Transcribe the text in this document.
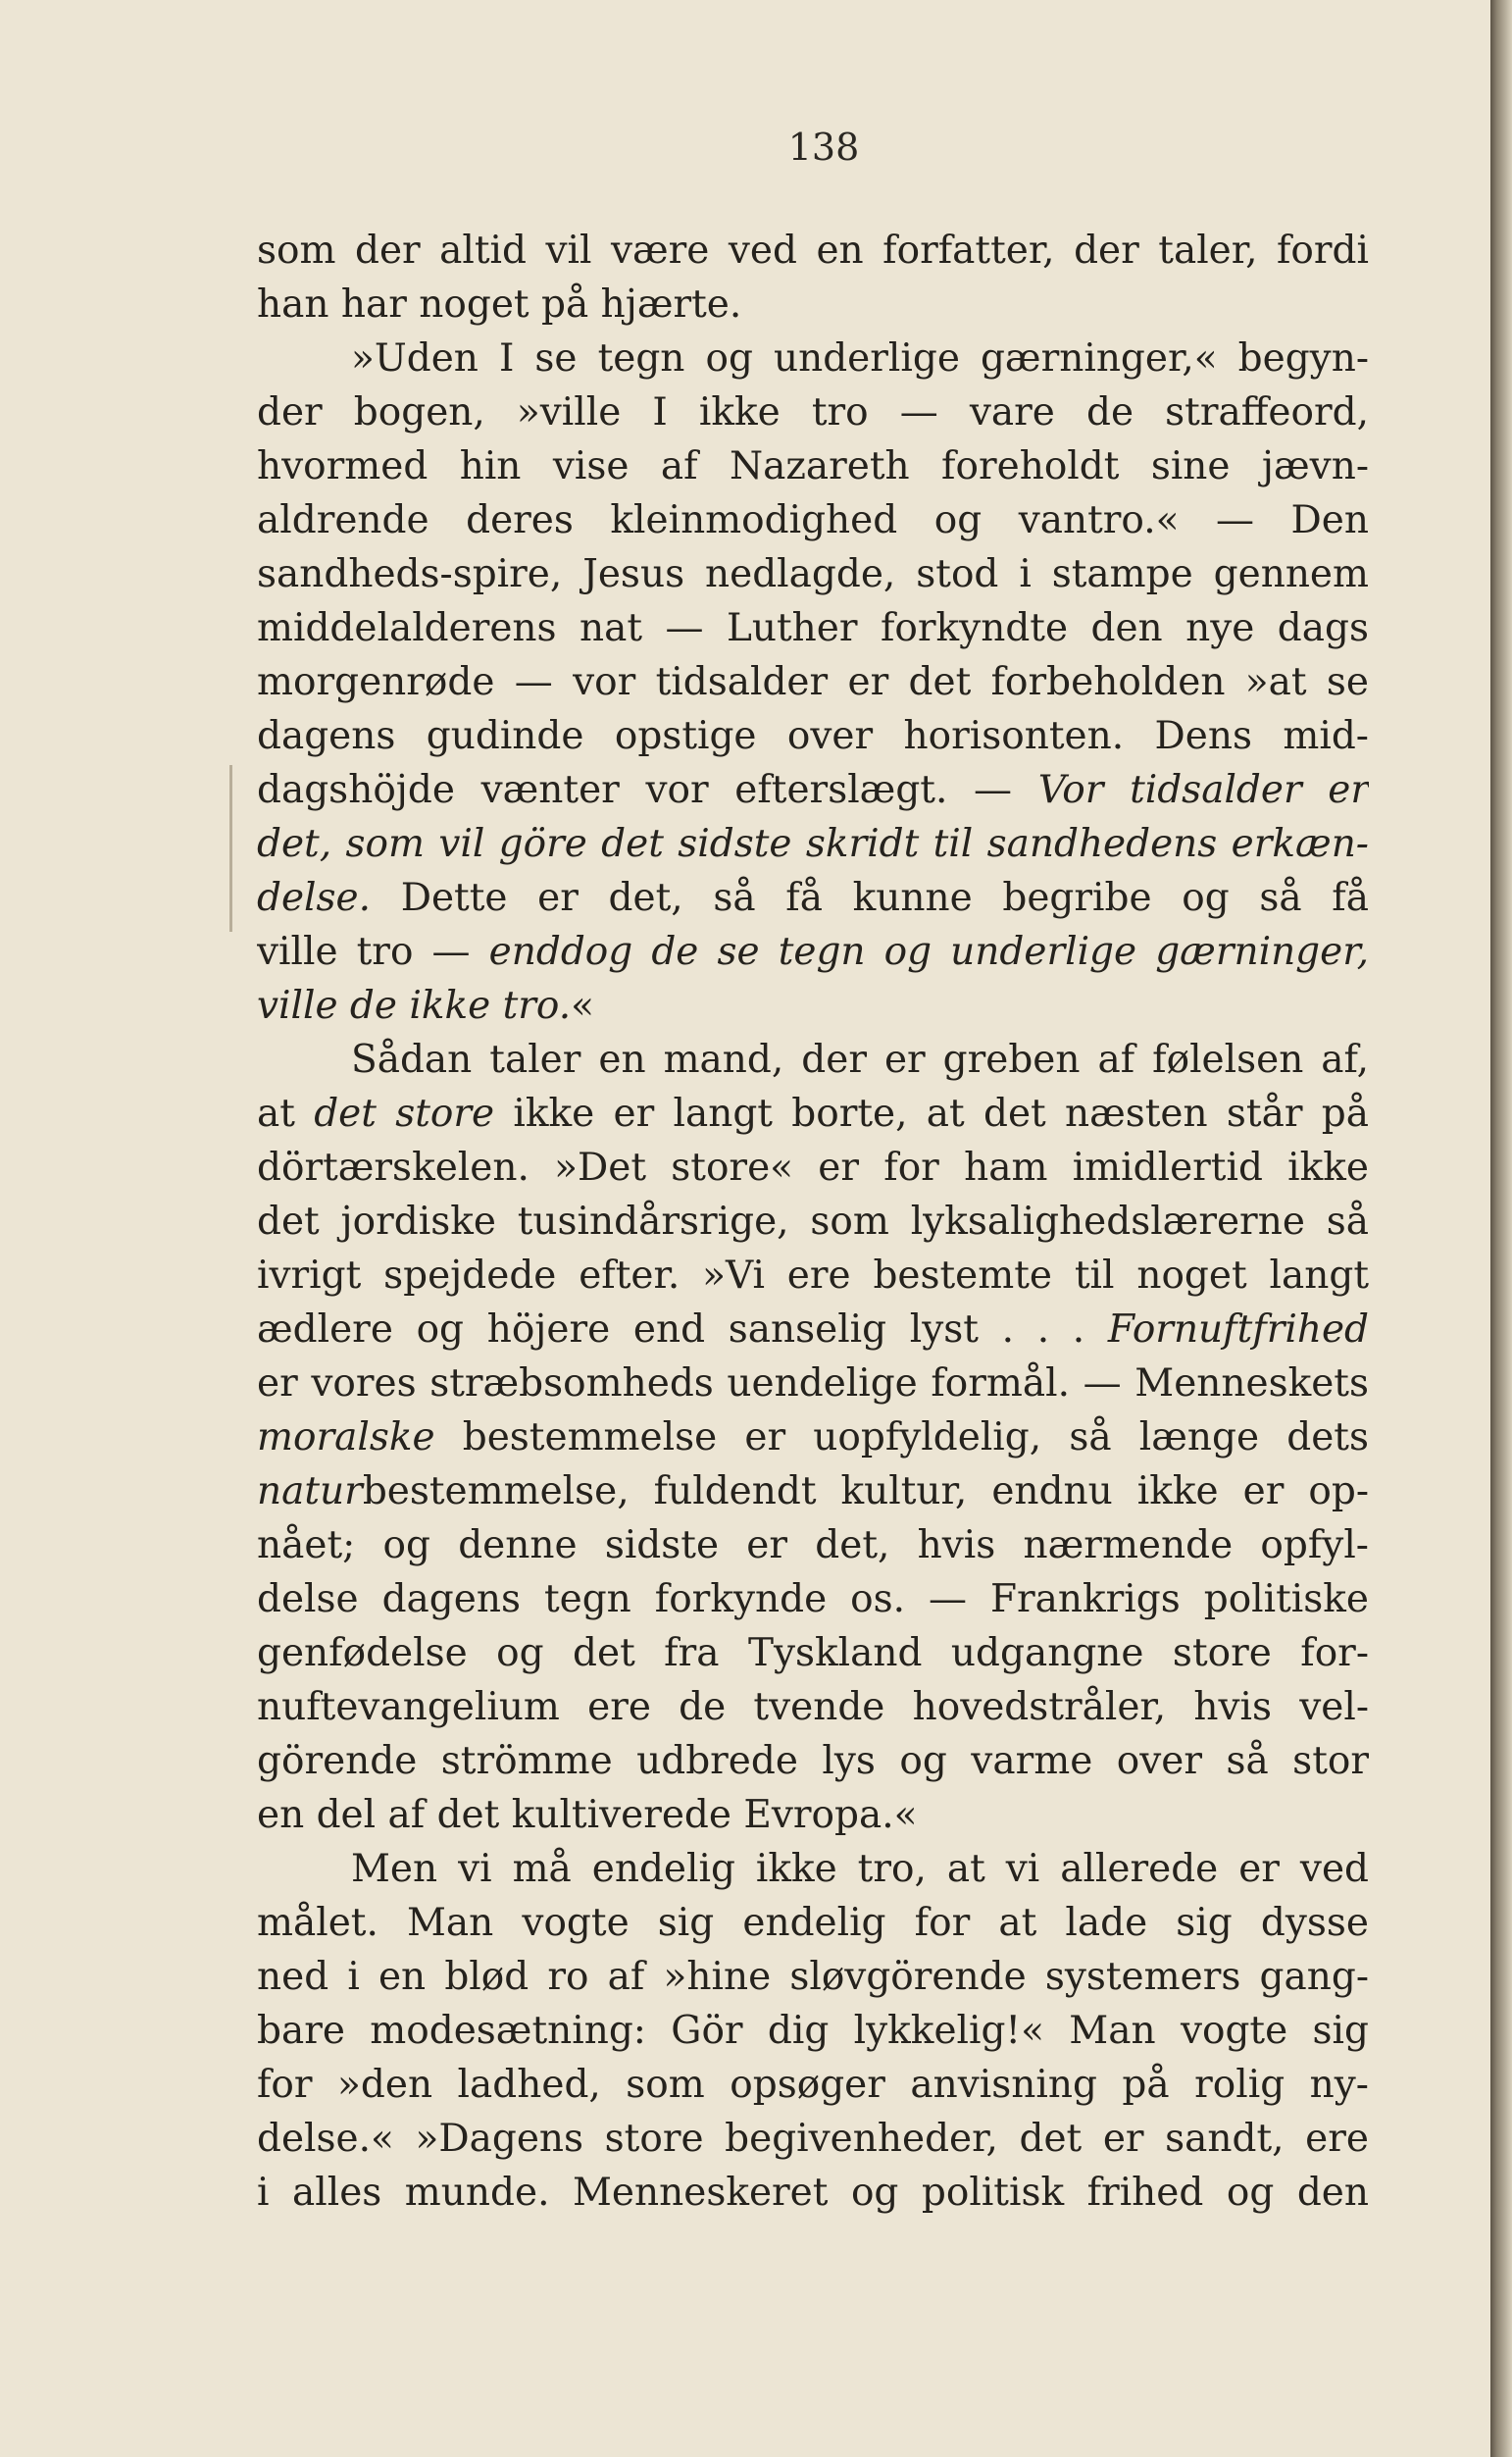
138
som der altid vil være ved en forfatter, der taler, fordi
han har noget på hjærte.
»Uden I se tegn og underlige gærninger,« begyn-
der bogen, »ville I ikke tro — vare de straffeord,
hvormed hin vise af Nazareth foreholdt sine jævn-
aldrende deres kleinmodighed og vantro.« — Den
sandheds-spire, Jesus nedlagde, stod i stampe gennem
middelalderens nat — Luther forkyndte den nye dags
morgenrøde — vor tidsalder er det forbeholden »at se
dagens gudinde opstige over horisonten. Dens mid-
dagshöjde vænter vor efterslægt. — Vor tidsalder er
det, som vil göre det sidste skridt til sandhedens erkæn-
delse. Dette er det, så få kunne begribe og så få
ville tro — enddog de se tegn og underlige gærninger,
ville de ikke tro.«
Sådan taler en mand, der er greben af følelsen af,
at det store ikke er langt borte, at det næsten står på
dörtærskelen. »Det store« er for ham imidlertid ikke
det jordiske tusindårsrige, som lyksalighedslærerne så
ivrigt spejdede efter. »Vi ere bestemte til noget langt
ædlere og höjere end sanselig lyst . . . Fornuftfrihed
er vores stræbsomheds uendelige formål. — Menneskets
moralske bestemmelse er uopfyldelig, så længe dets
naturbestemmelse, fuldendt kultur, endnu ikke er op-
nået; og denne sidste er det, hvis nærmende opfyl-
delse dagens tegn forkynde os. — Frankrigs politiske
genfødelse og det fra Tyskland udgangne store for-
nuftevangelium ere de tvende hovedstråler, hvis vel-
görende strömme udbrede lys og varme over så stor
en del af det kultiverede Evropa.«
Men vi må endelig ikke tro, at vi allerede er ved
målet. Man vogte sig endelig for at lade sig dysse
ned i en blød ro af »hine sløvgörende systemers gang-
bare modesætning: Gör dig lykkelig!« Man vogte sig
for »den ladhed, som opsøger anvisning på rolig ny-
delse.« »Dagens store begivenheder, det er sandt, ere
i alles munde. Menneskeret og politisk frihed og den
